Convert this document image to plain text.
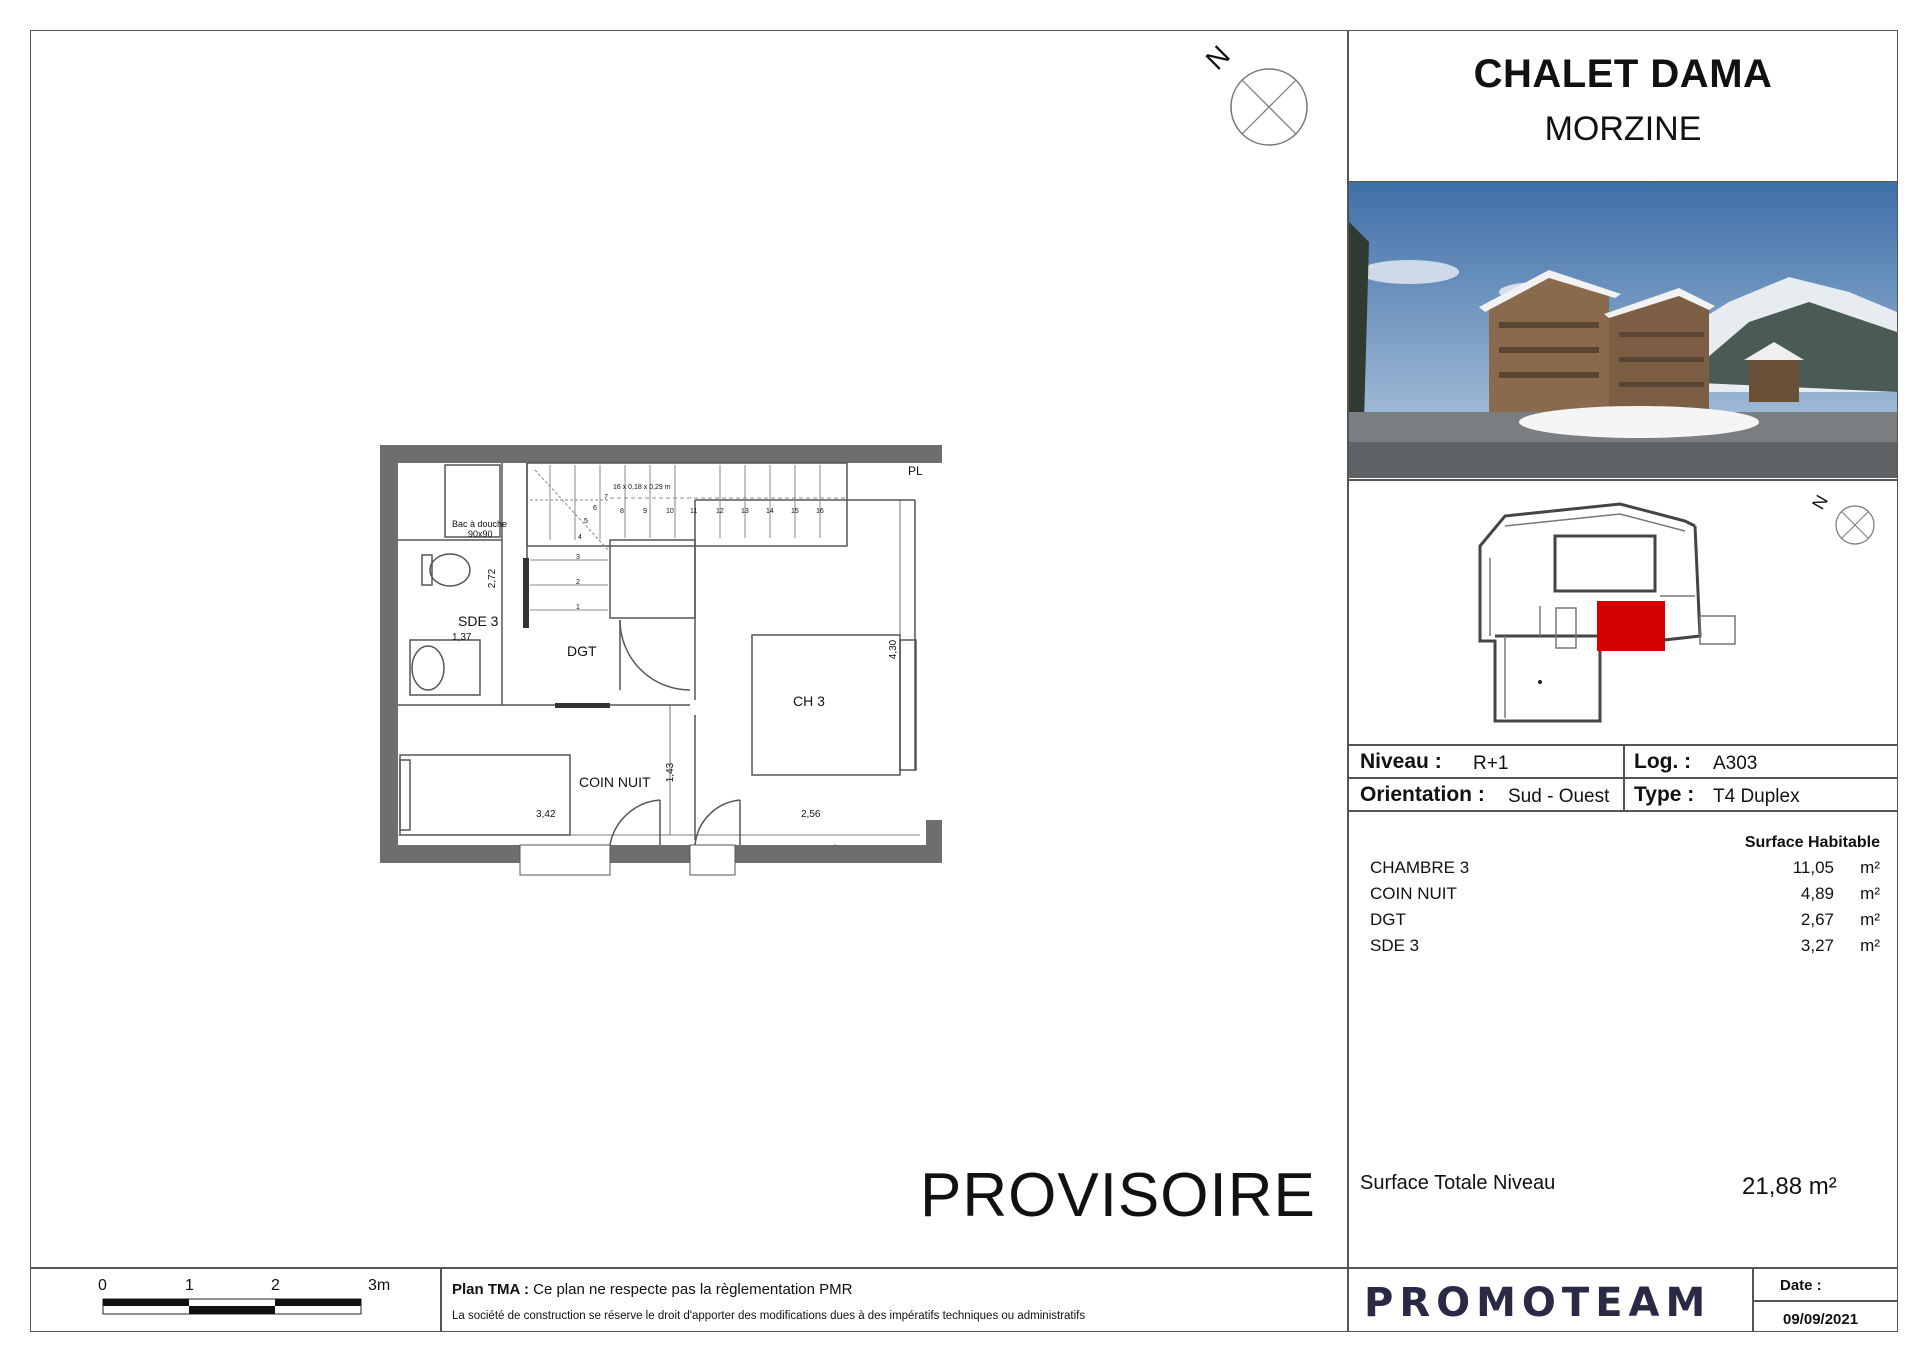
CHALET DAMA
MORZINE
N
N
Niveau : R+1	Log. : A303
Orientation : Sud - Ouest Type : T4 Duplex
Surface Habitable
CHAMBRE 3	11,05 m²
COIN NUIT	4,89 m²
DGT	2,67 m²
SDE 3	3,27 m²
Surface Totale Niveau	21,88 m²
PROVISOIRE
SDE 3
DGT
CH 3
COIN NUIT
Bac à douche
90x90
PL
2,72
1,37
4,30
1,43
3,42	2,56
16 x 0,18 x 0,29 m
1
2
3
4
5
6
7
8	9	10 11	12 13 14 15 16
0	1	2	3m	Plan TMA : Ce plan ne respecte pas la règlementation PMR
La société de construction se réserve le droit d'apporter des modifications dues à des impératifs techniques ou administratifs	PROMOTEAM	Date :
09/09/2021
